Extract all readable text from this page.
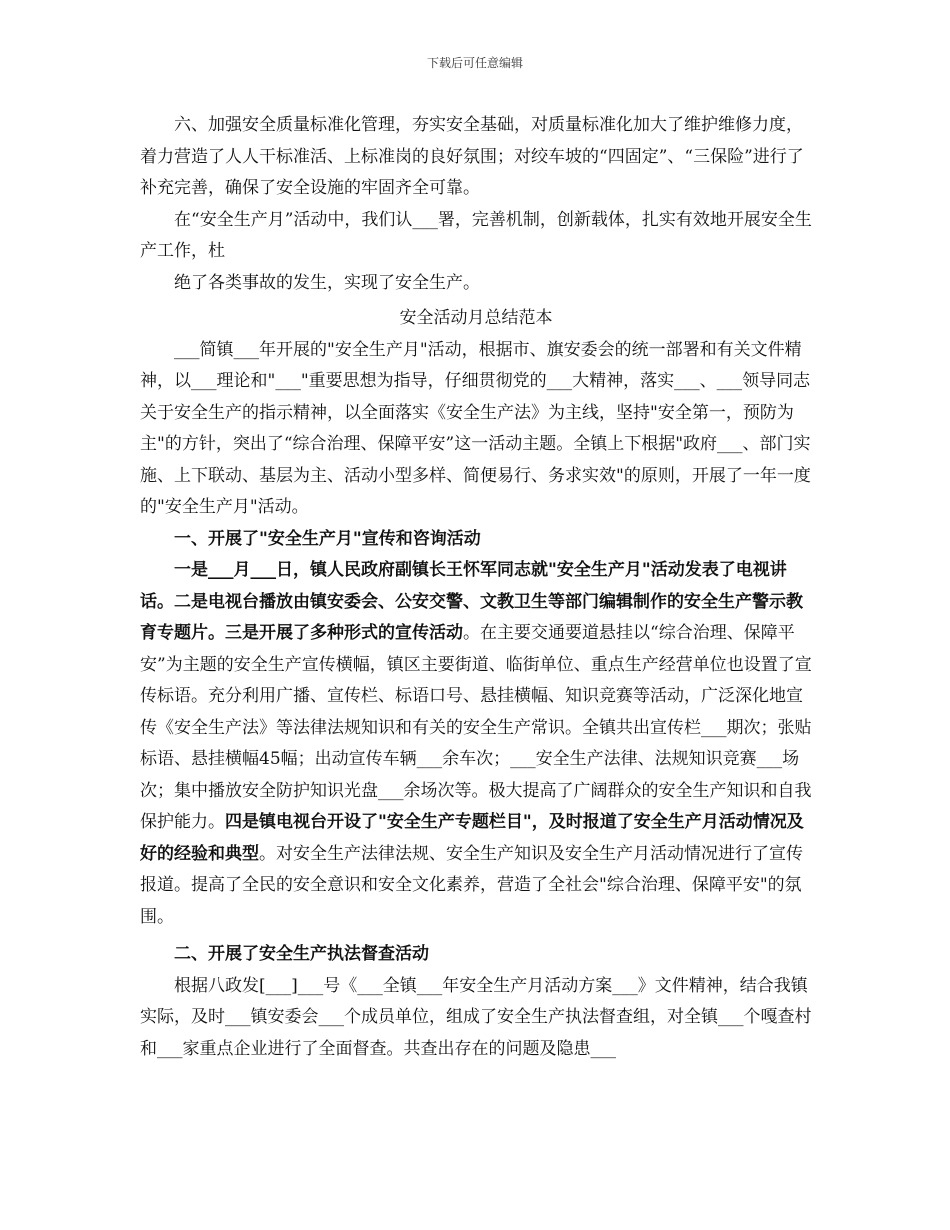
下载后可任意编辑

六、加强安全质量标准化管理，夯实安全基础，对质量标准化加大了维护维修力度，着力营造了人人干标准活、上标准岗的良好氛围；对绞车坡的“四固定”、“三保险”进行了补充完善，确保了安全设施的牢固齐全可靠。

在“安全生产月”活动中，我们认___署，完善机制，创新载体，扎实有效地开展安全生产工作，杜

绝了各类事故的发生，实现了安全生产。

安全活动月总结范本

___简镇___年开展的"安全生产月"活动，根据市、旗安委会的统一部署和有关文件精神，以___理论和"___"重要思想为指导，仔细贯彻党的___大精神，落实___、___领导同志关于安全生产的指示精神，以全面落实《安全生产法》为主线，坚持"安全第一，预防为主"的方针，突出了“综合治理、保障平安”这一活动主题。全镇上下根据"政府___、部门实施、上下联动、基层为主、活动小型多样、简便易行、务求实效"的原则，开展了一年一度的"安全生产月"活动。

一、开展了"安全生产月"宣传和咨询活动

一是___月___日，镇人民政府副镇长王怀军同志就"安全生产月"活动发表了电视讲话。二是电视台播放由镇安委会、公安交警、文教卫生等部门编辑制作的安全生产警示教育专题片。三是开展了多种形式的宣传活动。在主要交通要道悬挂以“综合治理、保障平安”为主题的安全生产宣传横幅，镇区主要街道、临街单位、重点生产经营单位也设置了宣传标语。充分利用广播、宣传栏、标语口号、悬挂横幅、知识竞赛等活动，广泛深化地宣传《安全生产法》等法律法规知识和有关的安全生产常识。全镇共出宣传栏___期次；张贴标语、悬挂横幅45幅；出动宣传车辆___余车次；___安全生产法律、法规知识竞赛___场次；集中播放安全防护知识光盘___余场次等。极大提高了广阔群众的安全生产知识和自我保护能力。四是镇电视台开设了"安全生产专题栏目"，及时报道了安全生产月活动情况及好的经验和典型。对安全生产法律法规、安全生产知识及安全生产月活动情况进行了宣传报道。提高了全民的安全意识和安全文化素养，营造了全社会"综合治理、保障平安"的氛围。

二、开展了安全生产执法督查活动

根据八政发[___]___号《___全镇___年安全生产月活动方案___》文件精神，结合我镇实际，及时___镇安委会___个成员单位，组成了安全生产执法督查组，对全镇___个嘎查村和___家重点企业进行了全面督查。共查出存在的问题及隐患___
